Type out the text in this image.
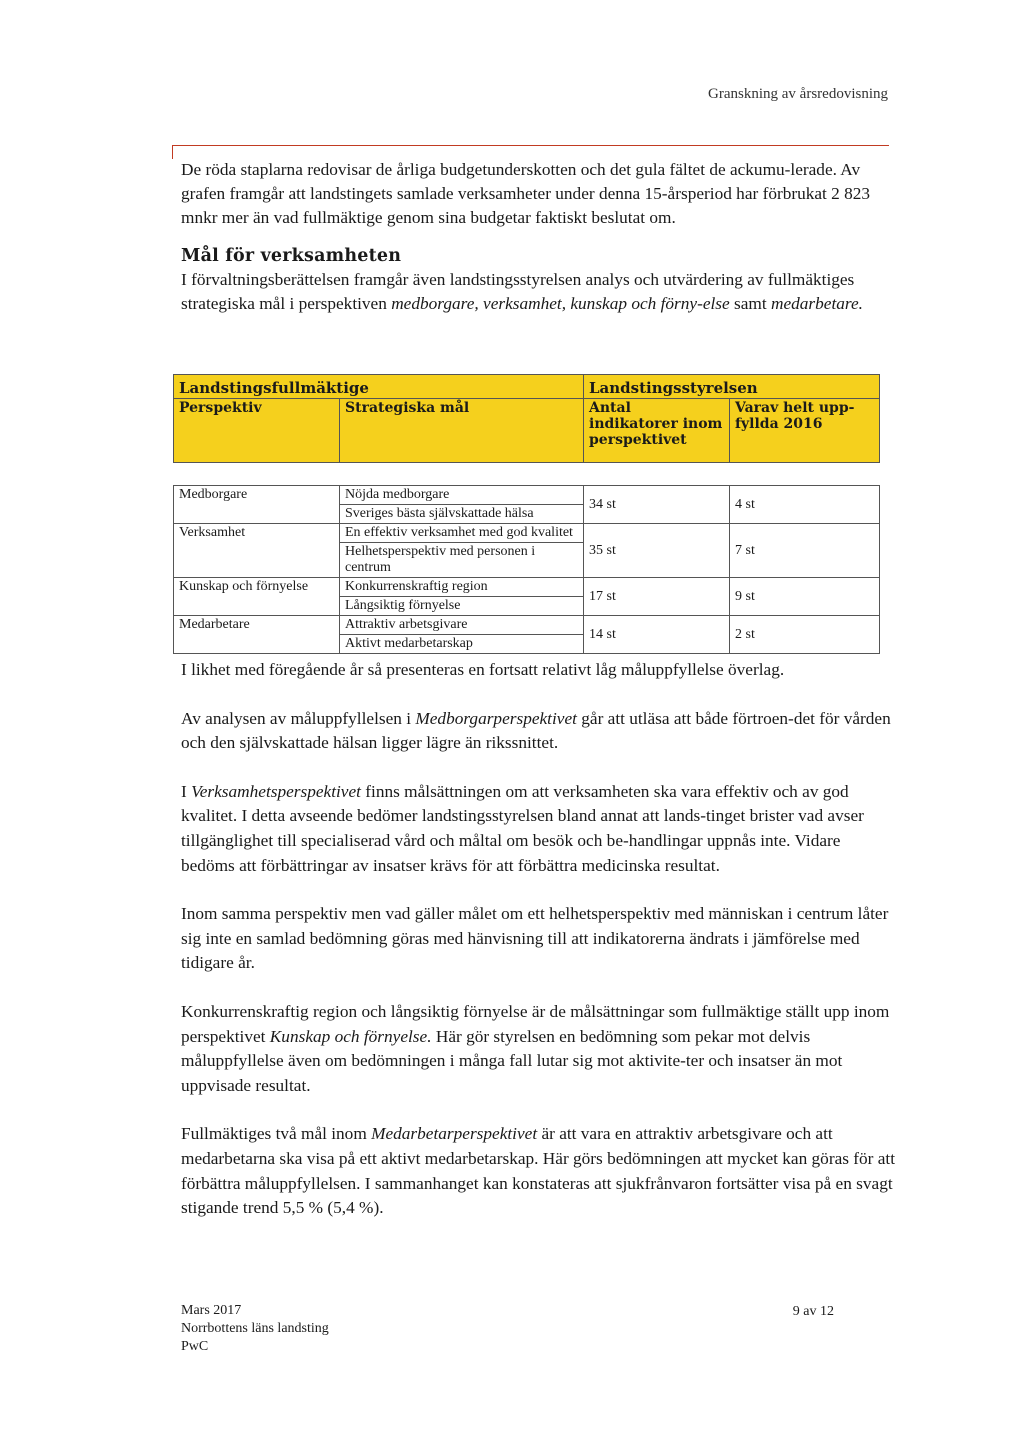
Granskning av årsredovisning

De röda staplarna redovisar de årliga budgetunderskotten och det gula fältet de ackumu-lerade. Av grafen framgår att landstingets samlade verksamheter under denna 15-årsperiod har förbrukat 2 823 mnkr mer än vad fullmäktige genom sina budgetar faktiskt beslutat om.

Mål för verksamheten

I förvaltningsberättelsen framgår även landstingsstyrelsen analys och utvärdering av fullmäktiges strategiska mål i perspektiven medborgare, verksamhet, kunskap och förny-else samt medarbetare.

Landstingsfullmäktige		Landstingsstyrelsen	
Perspektiv	Strategiska mål	Antal indikatorer inom perspektivet	Varav helt upp-fyllda 2016

Medborgare	Nöjda medborgare	34 st	4 st
	Sveriges bästa självskattade hälsa		
Verksamhet	En effektiv verksamhet med god kvalitet	35 st	7 st
	Helhetsperspektiv med personen i centrum		
Kunskap och förnyelse	Konkurrenskraftig region	17 st	9 st
	Långsiktig förnyelse		
Medarbetare	Attraktiv arbetsgivare	14 st	2 st
	Aktivt medarbetarskap		

I likhet med föregående år så presenteras en fortsatt relativt låg måluppfyllelse överlag.

Av analysen av måluppfyllelsen i Medborgarperspektivet går att utläsa att både förtroen-det för vården och den självskattade hälsan ligger lägre än rikssnittet.

I Verksamhetsperspektivet finns målsättningen om att verksamheten ska vara effektiv och av god kvalitet. I detta avseende bedömer landstingsstyrelsen bland annat att lands-tinget brister vad avser tillgänglighet till specialiserad vård och måltal om besök och be-handlingar uppnås inte. Vidare bedöms att förbättringar av insatser krävs för att förbättra medicinska resultat.

Inom samma perspektiv men vad gäller målet om ett helhetsperspektiv med människan i centrum låter sig inte en samlad bedömning göras med hänvisning till att indikatorerna ändrats i jämförelse med tidigare år.

Konkurrenskraftig region och långsiktig förnyelse är de målsättningar som fullmäktige ställt upp inom perspektivet Kunskap och förnyelse. Här gör styrelsen en bedömning som pekar mot delvis måluppfyllelse även om bedömningen i många fall lutar sig mot aktivite-ter och insatser än mot uppvisade resultat.

Fullmäktiges två mål inom Medarbetarperspektivet är att vara en attraktiv arbetsgivare och att medarbetarna ska visa på ett aktivt medarbetarskap. Här görs bedömningen att mycket kan göras för att förbättra måluppfyllelsen. I sammanhanget kan konstateras att sjukfrånvaron fortsätter visa på en svagt stigande trend 5,5 % (5,4 %).

Mars 2017
Norrbottens läns landsting
PwC
9 av 12
